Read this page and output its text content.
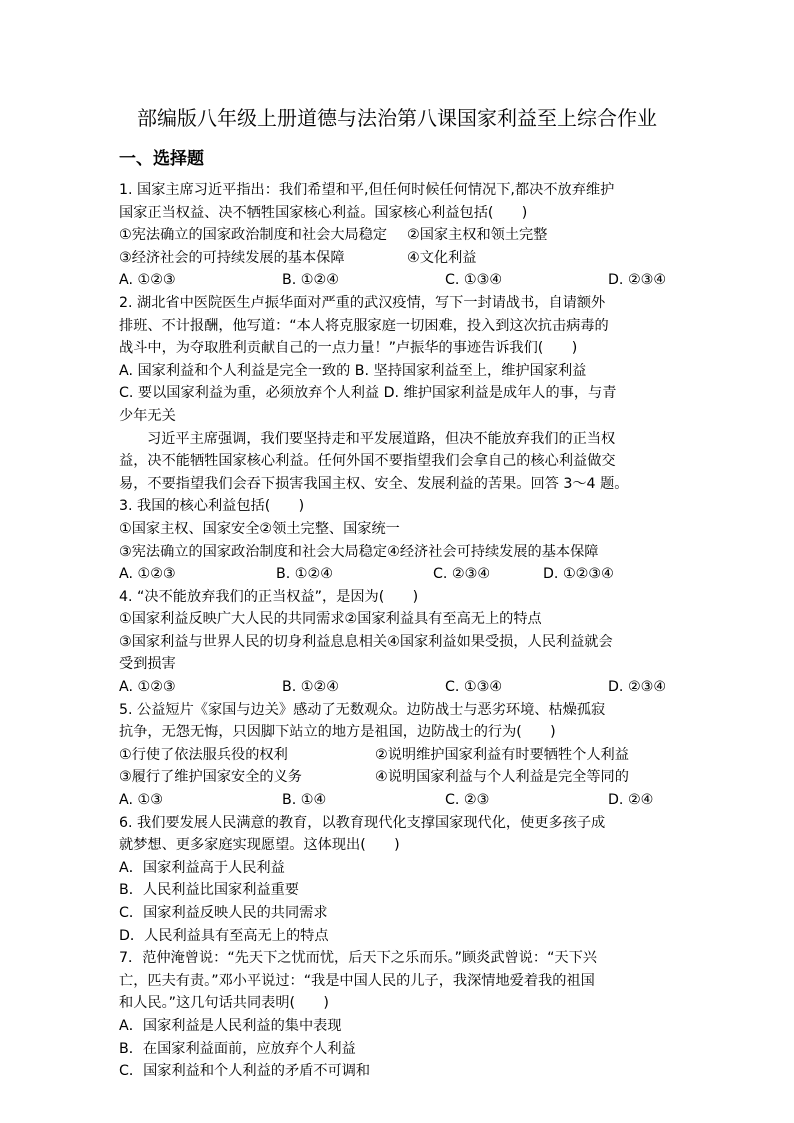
部编版八年级上册道德与法治第八课国家利益至上综合作业
一、选择题
1. 国家主席习近平指出：我们希望和平,但任何时候任何情况下,都决不放弃维护
国家正当权益、决不牺牲国家核心利益。国家核心利益包括(　　)
①宪法确立的国家政治制度和社会大局稳定	②国家主权和领土完整
③经济社会的可持续发展的基本保障	④文化利益
A. ①②③	B. ①②④	C. ①③④	D. ②③④
2. 湖北省中医院医生卢振华面对严重的武汉疫情，写下一封请战书，自请额外
排班、不计报酬，他写道：“本人将克服家庭一切困难，投入到这次抗击病毒的
战斗中，为夺取胜利贡献自己的一点力量！”卢振华的事迹告诉我们(　　)
A. 国家利益和个人利益是完全一致的 B. 坚持国家利益至上，维护国家利益
C. 要以国家利益为重，必须放弃个人利益 D. 维护国家利益是成年人的事，与青
少年无关
习近平主席强调，我们要坚持走和平发展道路，但决不能放弃我们的正当权
益，决不能牺牲国家核心利益。任何外国不要指望我们会拿自己的核心利益做交
易，不要指望我们会吞下损害我国主权、安全、发展利益的苦果。回答 3～4 题。
3. 我国的核心利益包括(　　)
①国家主权、国家安全②领土完整、国家统一
③宪法确立的国家政治制度和社会大局稳定④经济社会可持续发展的基本保障
A. ①②③	B. ①②④	C. ②③④	D. ①②③④
4. “决不能放弃我们的正当权益”，是因为(　　)
①国家利益反映广大人民的共同需求②国家利益具有至高无上的特点
③国家利益与世界人民的切身利益息息相关④国家利益如果受损，人民利益就会
受到损害
A. ①②③	B. ①②④	C. ①③④	D. ②③④
5. 公益短片《家国与边关》感动了无数观众。边防战士与恶劣环境、枯燥孤寂
抗争，无怨无悔，只因脚下站立的地方是祖国，边防战士的行为(　　)
①行使了依法服兵役的权利	②说明维护国家利益有时要牺牲个人利益
③履行了维护国家安全的义务	④说明国家利益与个人利益是完全等同的
A. ①③	B. ①④	C. ②③	D. ②④
6. 我们要发展人民满意的教育，以教育现代化支撑国家现代化，使更多孩子成
就梦想、更多家庭实现愿望。这体现出(　　)
A．国家利益高于人民利益
B．人民利益比国家利益重要
C．国家利益反映人民的共同需求
D．人民利益具有至高无上的特点
7．范仲淹曾说：“先天下之忧而忧，后天下之乐而乐。”顾炎武曾说：“天下兴
亡，匹夫有责。”邓小平说过：“我是中国人民的儿子，我深情地爱着我的祖国
和人民。”这几句话共同表明(　　)
A．国家利益是人民利益的集中表现
B．在国家利益面前，应放弃个人利益
C．国家利益和个人利益的矛盾不可调和
